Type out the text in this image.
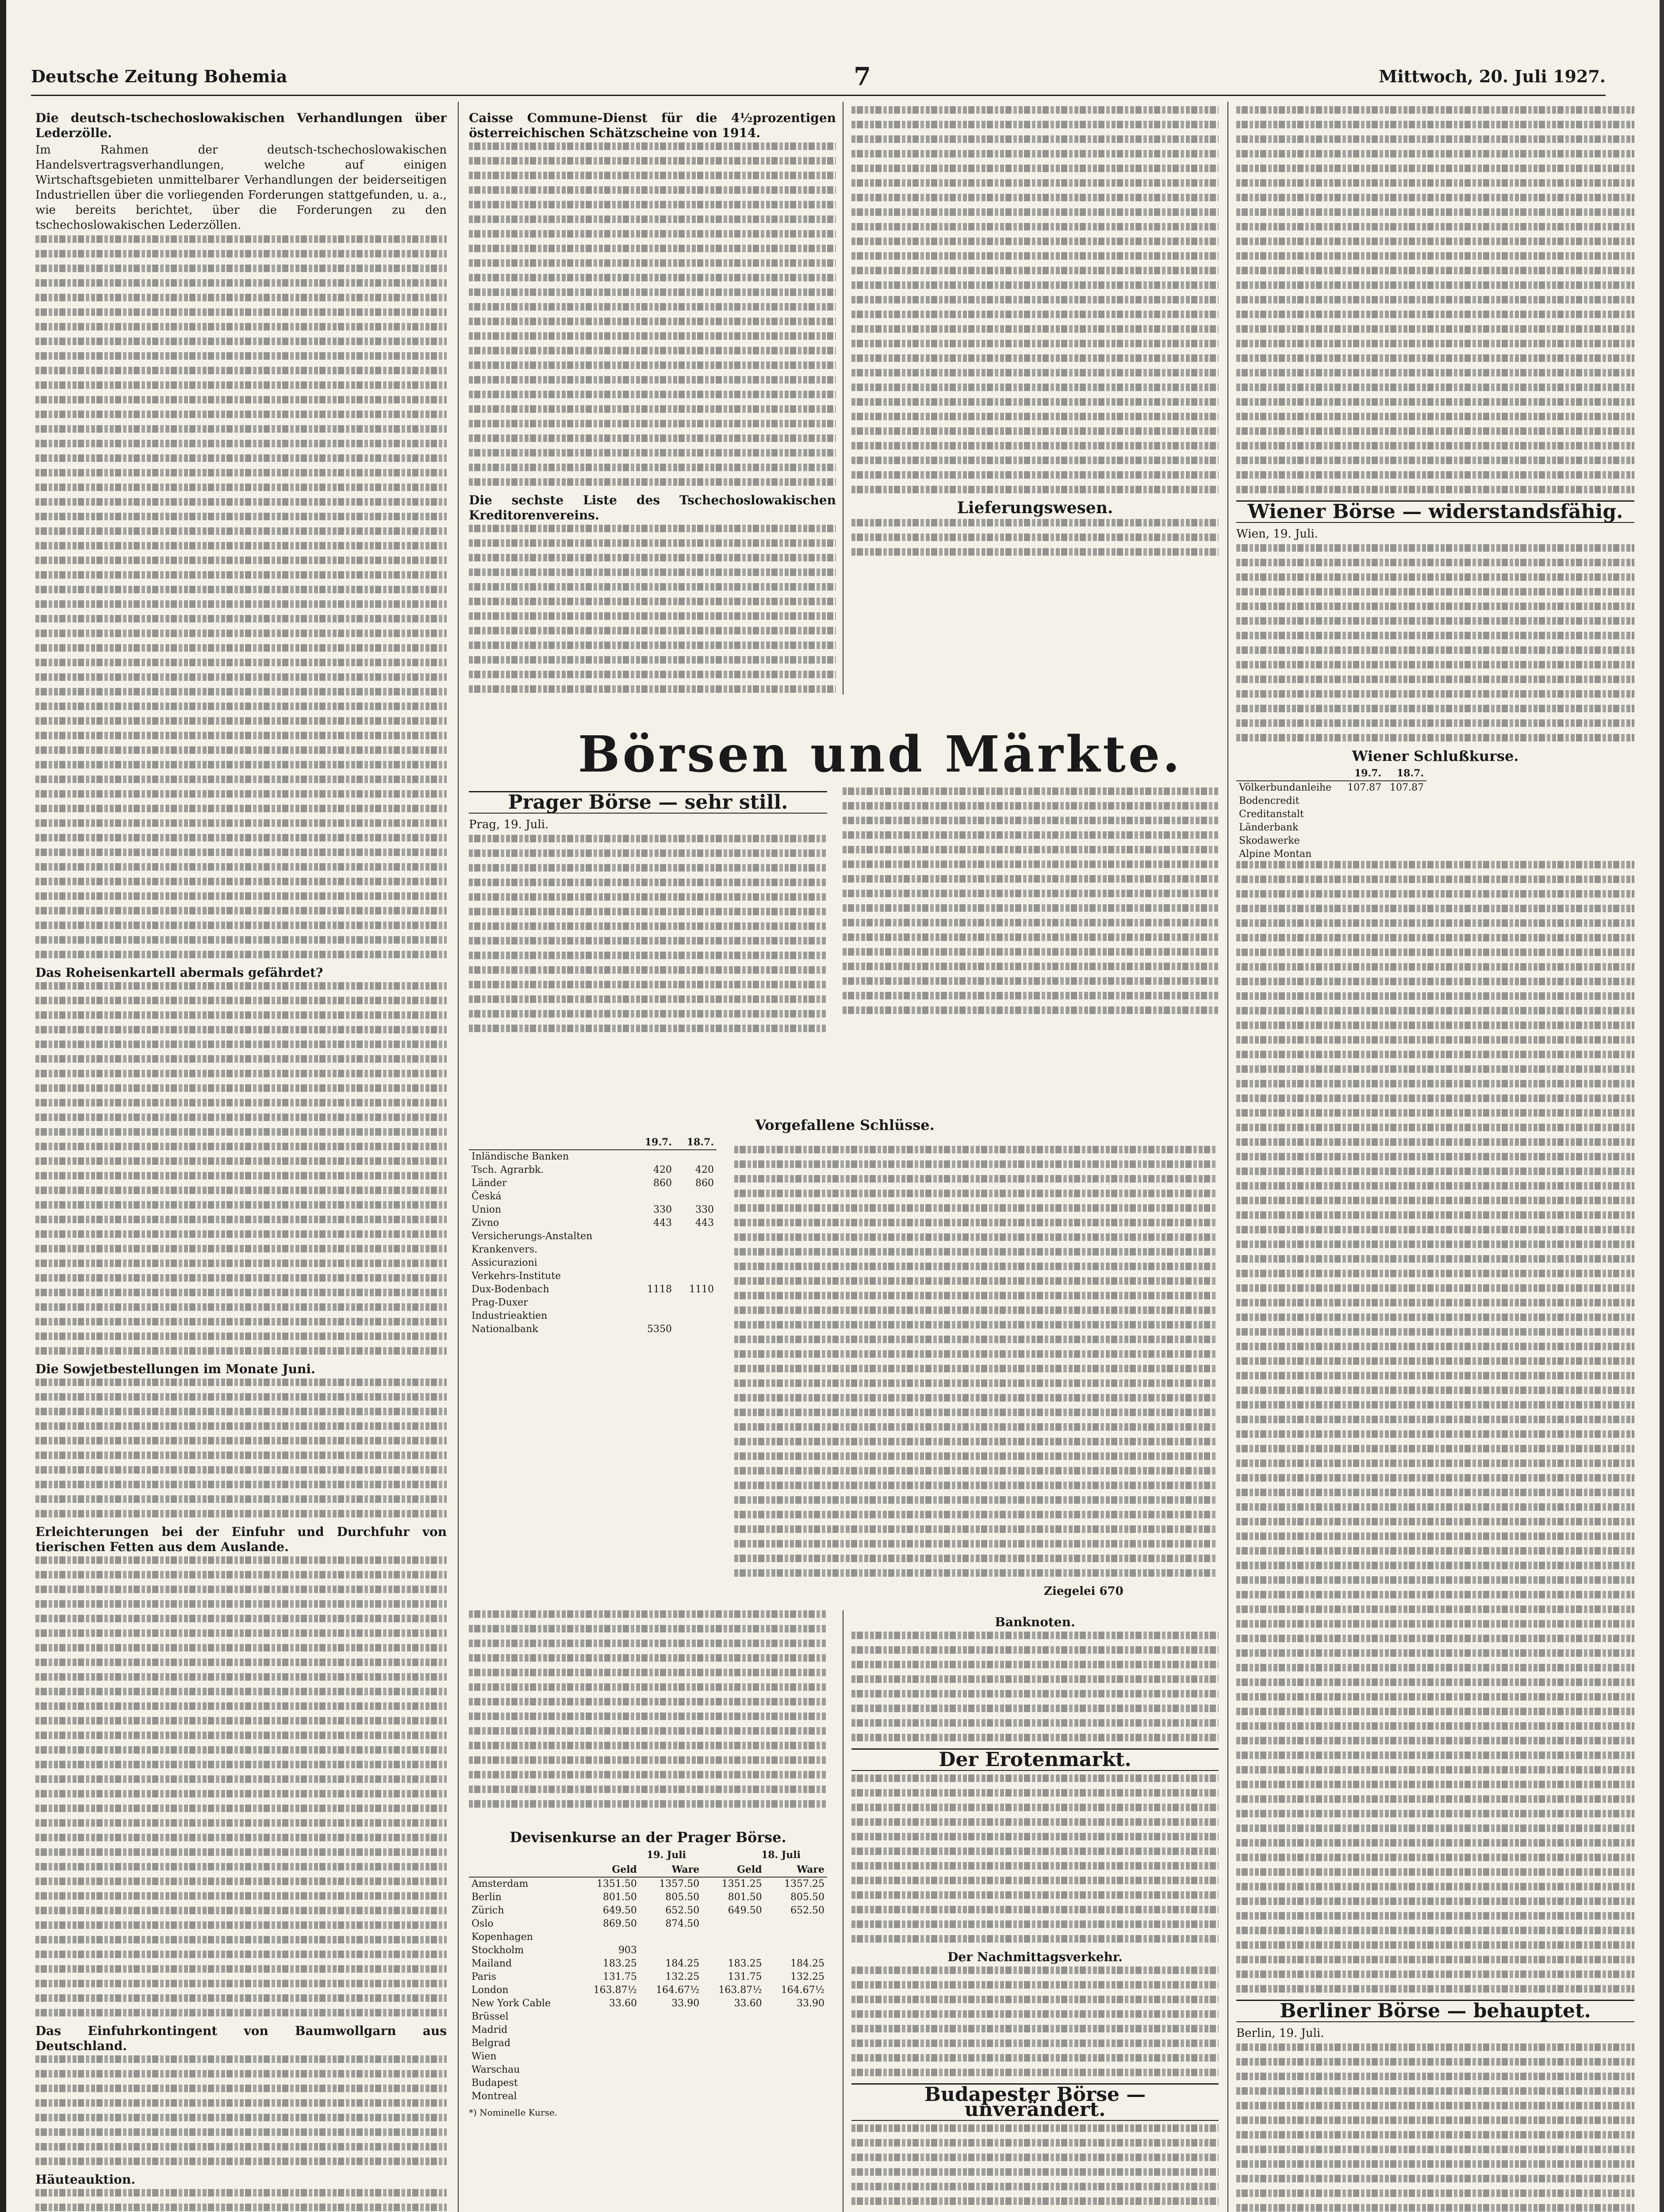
Deutsche Zeitung Bohemia	7	Mittwoch, 20. Juli 1927.
Die deutsch-tschechoslowakischen Verhandlungen über Lederzölle.

Im Rahmen der deutsch-tschechoslowakischen Handelsvertragsverhandlungen, welche auf einigen Wirtschaftsgebieten unmittelbarer Verhandlungen der beiderseitigen Industriellen über die vorliegenden Forderungen stattgefunden, u. a., wie bereits berichtet, über die Forderungen zu den tschechoslowakischen Lederzöllen.

Das Roheisenkartell abermals gefährdet?
Die Sowjetbestellungen im Monate Juni.
Erleichterungen bei der Einfuhr und Durchfuhr von tierischen Fetten aus dem Auslande.
Das Einfuhrkontingent von Baumwollgarn aus Deutschland.
Häuteauktion.
Caisse Commune-Dienst für die 4½prozentigen österreichischen Schätzscheine von 1914.
Die sechste Liste des Tschechoslowakischen Kreditorenvereins.	Lieferungswesen.
Börsen und Märkte.
Prager Börse — sehr still.

Prag, 19. Juli.

Vorgefallene Schlüsse.
	19.7.	18.7.
Inländische Banken		
Tsch. Agrarbk.	420	420
Länder	860	860
Česká		
Union	330	330
Zivno	443	443
Versicherungs-Anstalten		
Krankenvers.		
Assicurazioni		
Verkehrs-Institute		
Dux-Bodenbach	1118	1110
Prag-Duxer		
Industrieaktien		
Nationalbank	5350	
Ziegelei 670
Devisenkurse an der Prager Börse.
19. Juli	18. Juli
	Geld	Ware	Geld	Ware
Amsterdam	1351.50	1357.50	1351.25	1357.25
Berlin	801.50	805.50	801.50	805.50
Zürich	649.50	652.50	649.50	652.50
Oslo	869.50	874.50		
Kopenhagen				
Stockholm	903			
Mailand	183.25	184.25	183.25	184.25
Paris	131.75	132.25	131.75	132.25
London	163.87½	164.67½	163.87½	164.67½
New York Cable	33.60	33.90	33.60	33.90
Brüssel				
Madrid				
Belgrad				
Wien				
Warschau				
Budapest				
Montreal				
*) Nominelle Kurse.
Banknoten.
Der Erotenmarkt.
Der Nachmittagsverkehr.
Budapester Börse — unverändert.
Wiener Börse — widerstandsfähig.

Wien, 19. Juli.

Wiener Schlußkurse.
	19.7.	18.7.
Völkerbundanleihe	107.87	107.87
Bodencredit		
Creditanstalt		
Länderbank		
Skodawerke		
Alpine Montan		
Berliner Börse — behauptet.

Berlin, 19. Juli.
